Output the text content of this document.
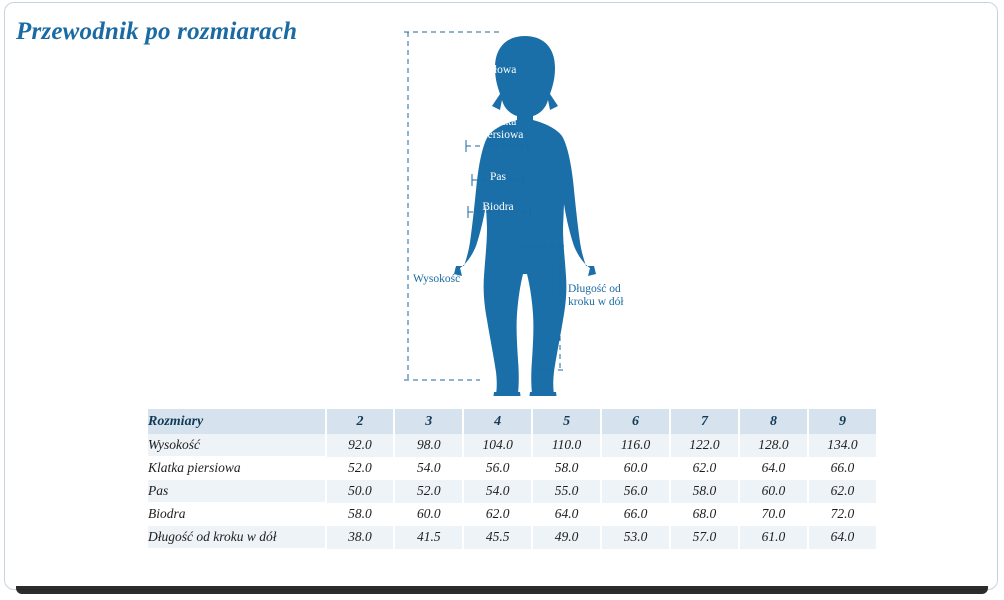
Przewodnik po rozmiarach
Głowa
Klatka
piersiowa
Pas
Biodra
Wysokość
Długość od
kroku w dół
Rozmiary	2	3	4	5	6	7	8	9
Wysokość	92.0	98.0	104.0	110.0	116.0	122.0	128.0	134.0
Klatka piersiowa	52.0	54.0	56.0	58.0	60.0	62.0	64.0	66.0
Pas	50.0	52.0	54.0	55.0	56.0	58.0	60.0	62.0
Biodra	58.0	60.0	62.0	64.0	66.0	68.0	70.0	72.0
Długość od kroku w dół	38.0	41.5	45.5	49.0	53.0	57.0	61.0	64.0
